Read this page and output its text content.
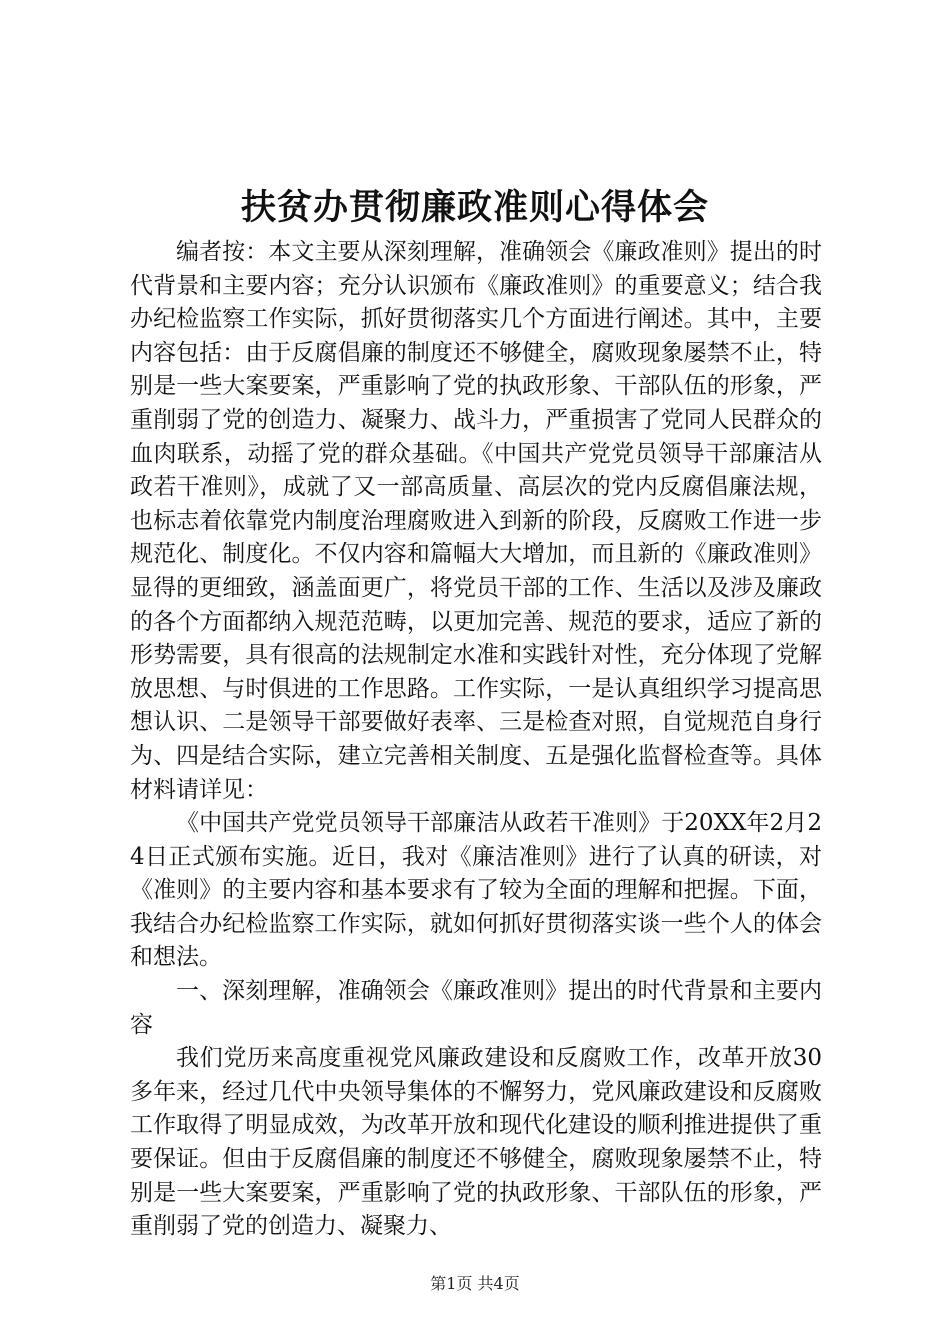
扶贫办贯彻廉政准则心得体会

编者按：本文主要从深刻理解，准确领会《廉政准则》提出的时代背景和主要内容；充分认识颁布《廉政准则》的重要意义；结合我办纪检监察工作实际，抓好贯彻落实几个方面进行阐述。其中，主要内容包括：由于反腐倡廉的制度还不够健全，腐败现象屡禁不止，特别是一些大案要案，严重影响了党的执政形象、干部队伍的形象，严重削弱了党的创造力、凝聚力、战斗力，严重损害了党同人民群众的血肉联系，动摇了党的群众基础。《中国共产党党员领导干部廉洁从政若干准则》，成就了又一部高质量、高层次的党内反腐倡廉法规，也标志着依靠党内制度治理腐败进入到新的阶段，反腐败工作进一步规范化、制度化。不仅内容和篇幅大大增加，而且新的《廉政准则》显得的更细致，涵盖面更广，将党员干部的工作、生活以及涉及廉政的各个方面都纳入规范范畴，以更加完善、规范的要求，适应了新的形势需要，具有很高的法规制定水准和实践针对性，充分体现了党解放思想、与时俱进的工作思路。工作实际，一是认真组织学习提高思想认识、二是领导干部要做好表率、三是检查对照，自觉规范自身行为、四是结合实际，建立完善相关制度、五是强化监督检查等。具体材料请详见：

《中国共产党党员领导干部廉洁从政若干准则》于20XX年2月24日正式颁布实施。近日，我对《廉洁准则》进行了认真的研读，对《准则》的主要内容和基本要求有了较为全面的理解和把握。下面，我结合办纪检监察工作实际，就如何抓好贯彻落实谈一些个人的体会和想法。

一、深刻理解，准确领会《廉政准则》提出的时代背景和主要内容

我们党历来高度重视党风廉政建设和反腐败工作，改革开放30多年来，经过几代中央领导集体的不懈努力，党风廉政建设和反腐败工作取得了明显成效，为改革开放和现代化建设的顺利推进提供了重要保证。但由于反腐倡廉的制度还不够健全，腐败现象屡禁不止，特别是一些大案要案，严重影响了党的执政形象、干部队伍的形象，严重削弱了党的创造力、凝聚力、

第1页 共4页
